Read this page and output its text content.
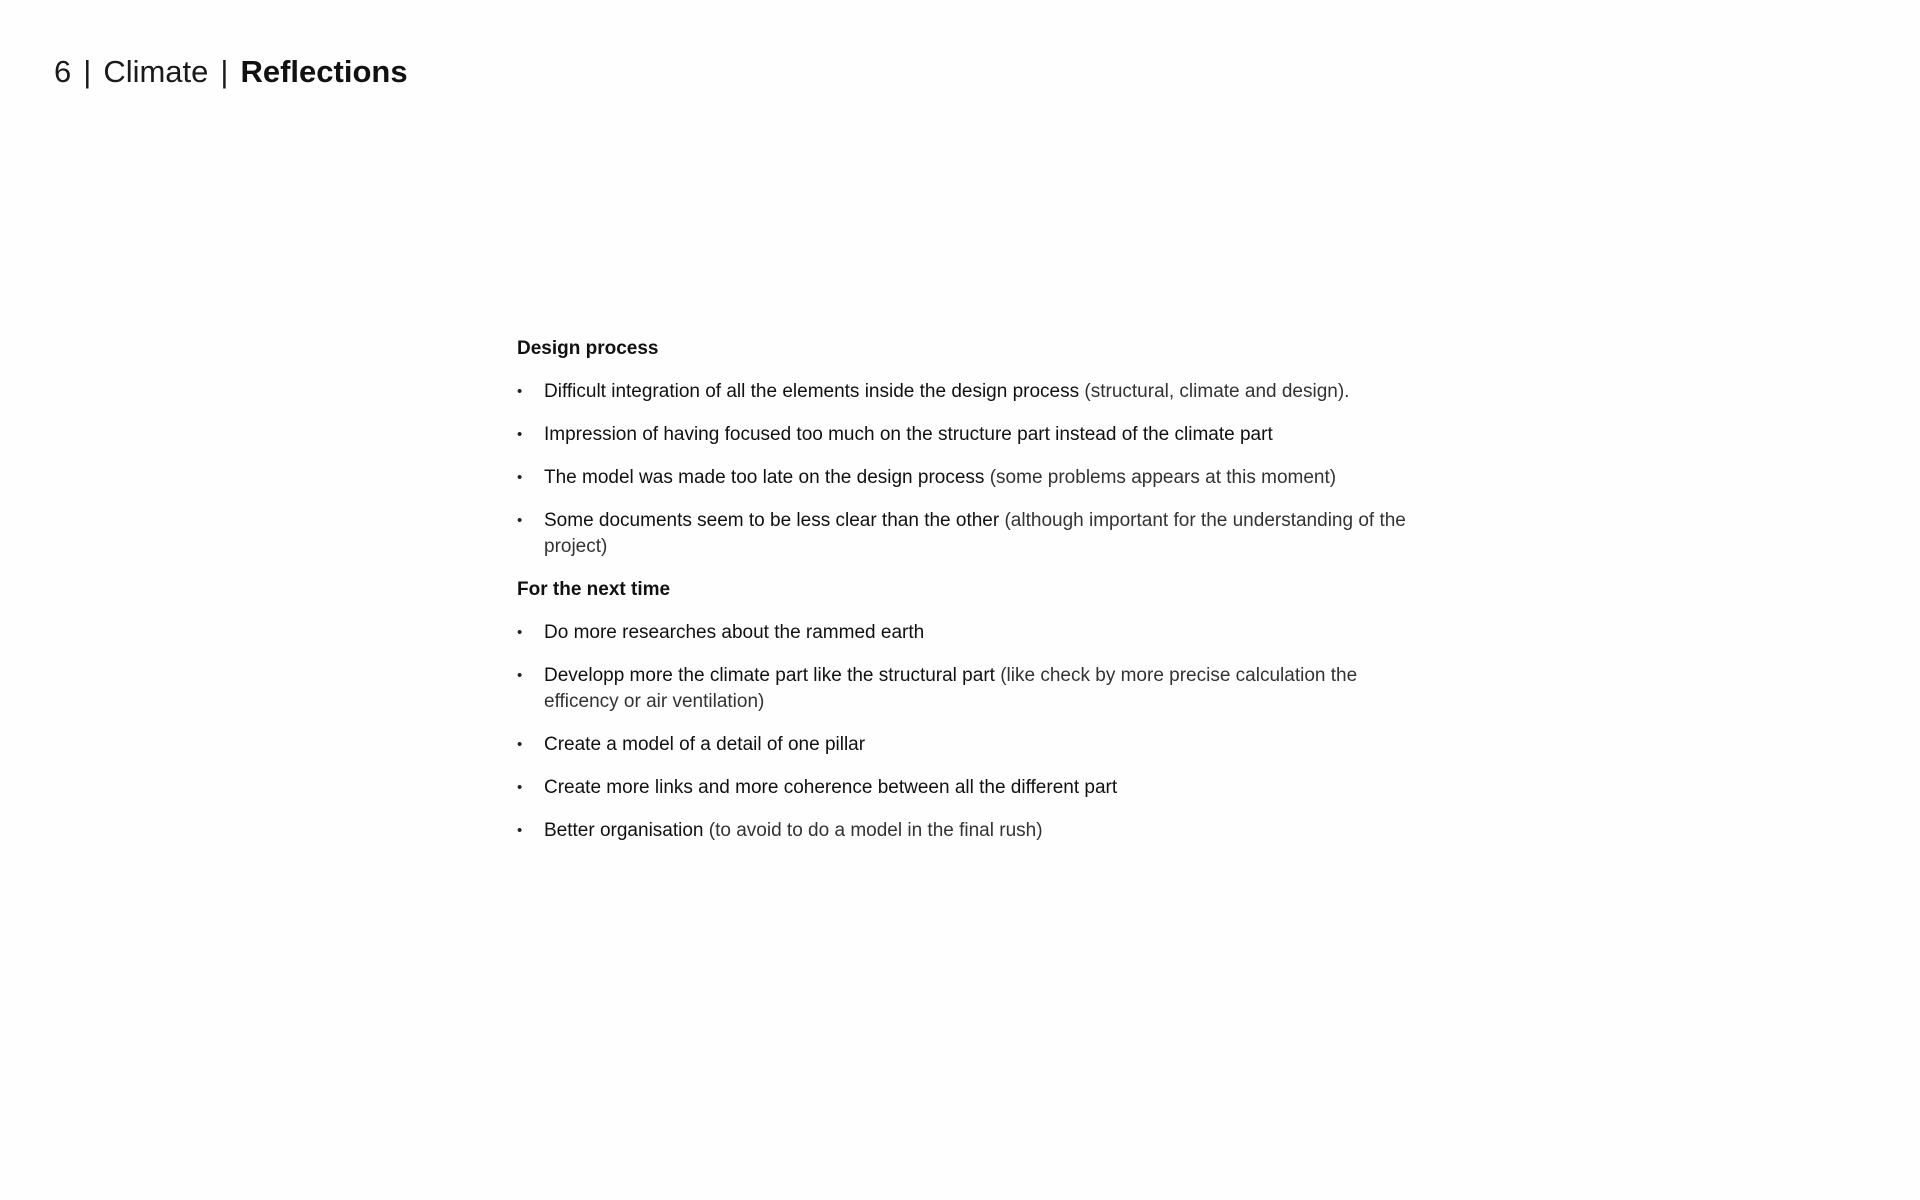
6 | Climate | Reflections
Design process
• Difficult integration of all the elements inside the design process (structural, climate and design).
• Impression of having focused too much on the structure part instead of the climate part
• The model was made too late on the design process (some problems appears at this moment)
• Some documents seem to be less clear than the other (although important for the understanding of the project)
For the next time
• Do more researches about the rammed earth
• Developp more the climate part like the structural part (like check by more precise calculation the efficency or air ventilation)
• Create a model of a detail of one pillar
• Create more links and more coherence between all the different part
• Better organisation (to avoid to do a model in the final rush)
